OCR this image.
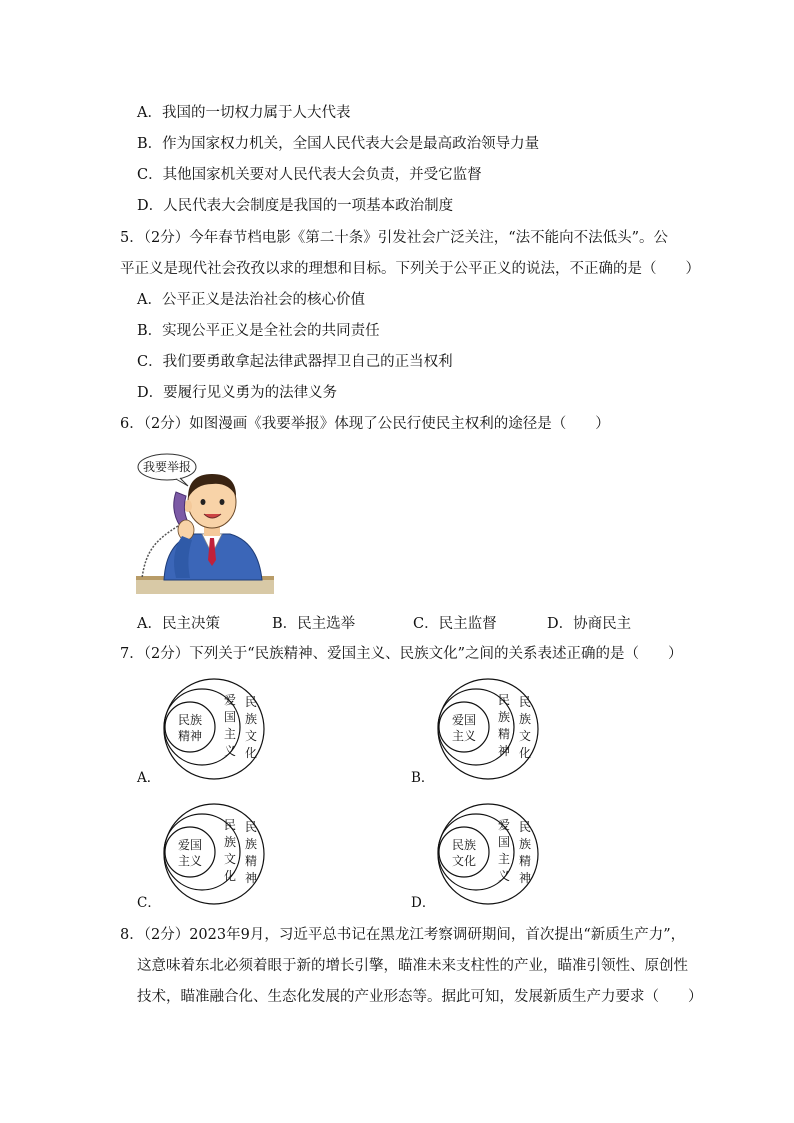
A．我国的一切权力属于人大代表
B．作为国家权力机关，全国人民代表大会是最高政治领导力量
C．其他国家机关要对人民代表大会负责，并受它监督
D．人民代表大会制度是我国的一项基本政治制度
5．（2分）今年春节档电影《第二十条》引发社会广泛关注，“法不能向不法低头”。公
平正义是现代社会孜孜以求的理想和目标。下列关于公平正义的说法，不正确的是（　　）
A．公平正义是法治社会的核心价值
B．实现公平正义是全社会的共同责任
C．我们要勇敢拿起法律武器捍卫自己的正当权利
D．要履行见义勇为的法律义务
6．（2分）如图漫画《我要举报》体现了公民行使民主权利的途径是（　　）
我要举报
A．民主决策	B．民主选举	C．民主监督	D．协商民主
7．（2分）下列关于“民族精神、爱国主义、民族文化”之间的关系表述正确的是（　　）
A．	B．
C．	D．
民族
精神
爱
国
主
义
民
族
文
化
爱国
主义
民
族
精
神
民
族
文
化
爱国
主义
民
族
文
化
民
族
精
神
民族
文化
爱
国
主
义
民
族
精
神
8．（2分）2023年9月，习近平总书记在黑龙江考察调研期间，首次提出“新质生产力”，
这意味着东北必须着眼于新的增长引擎，瞄准未来支柱性的产业，瞄准引领性、原创性
技术，瞄准融合化、生态化发展的产业形态等。据此可知，发展新质生产力要求（　　）
